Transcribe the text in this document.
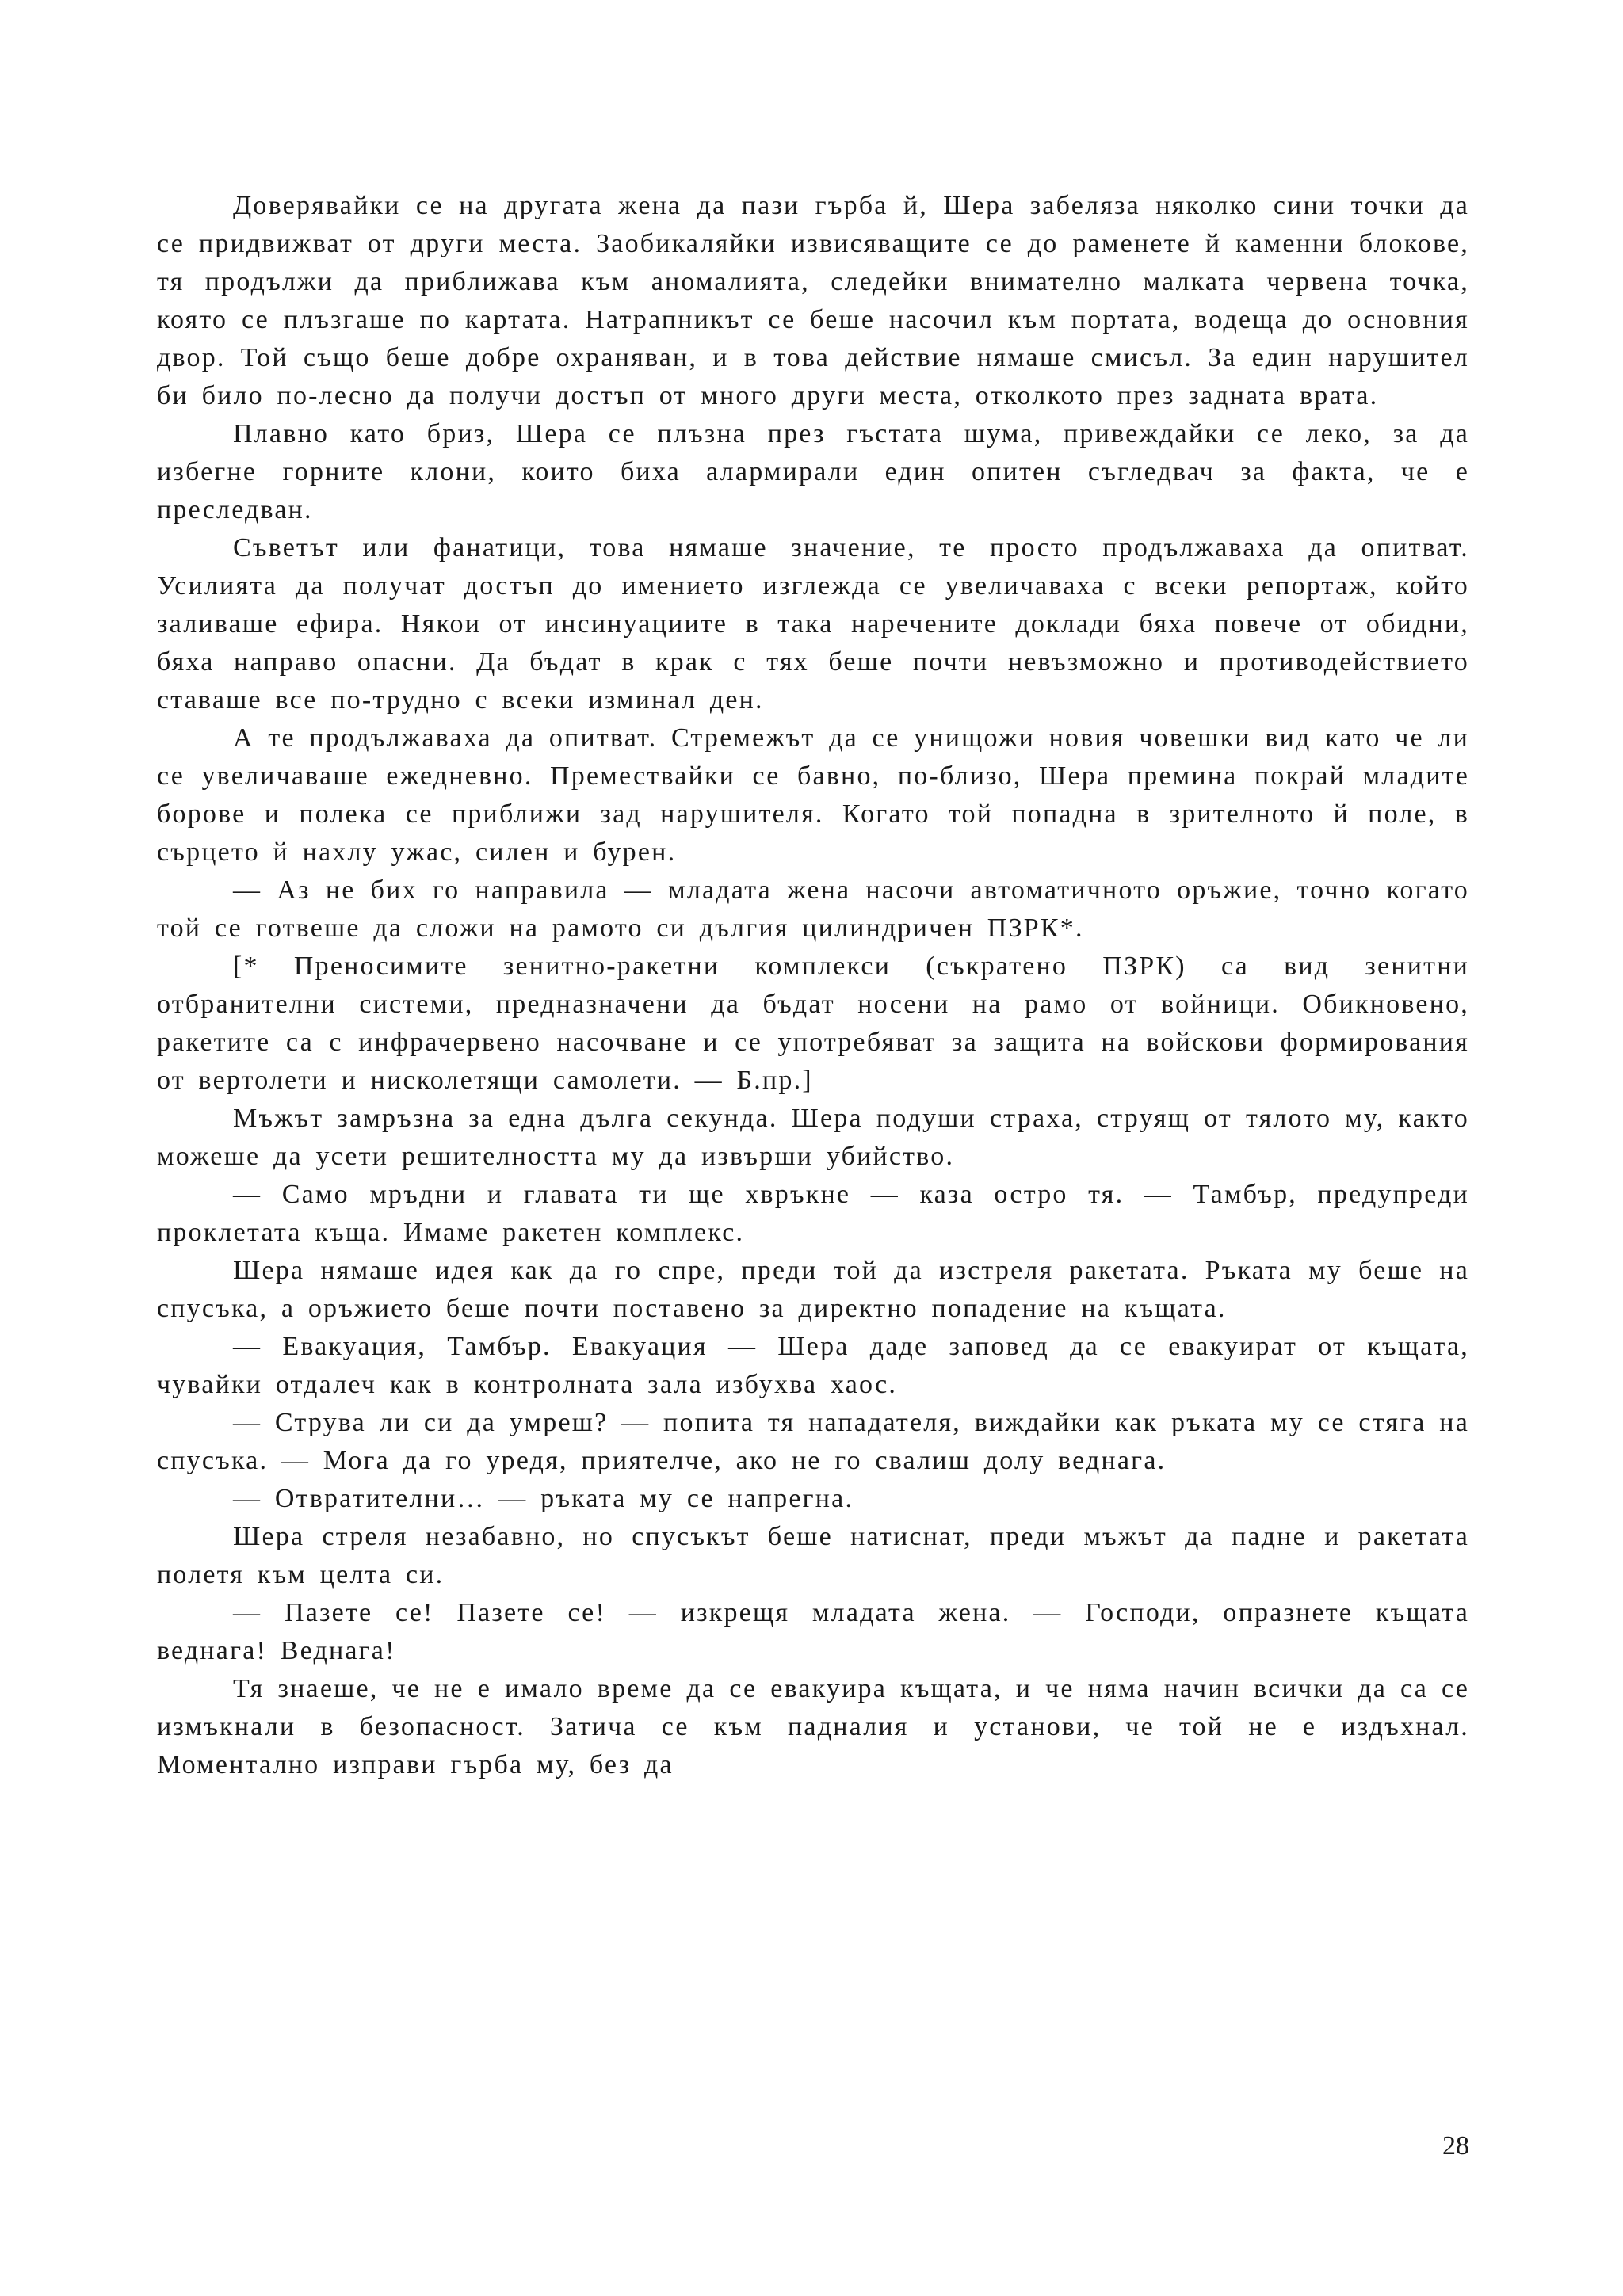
Доверявайки се на другата жена да пази гърба й, Шера забеляза няколко сини точки да се придвижват от други места. Заобикаляйки извисяващите се до раменете й каменни блокове, тя продължи да приближава към аномалията, следейки внимателно малката червена точка, която се плъзгаше по картата. Натрапникът се беше насочил към портата, водеща до основния двор. Той също беше добре охраняван, и в това действие нямаше смисъл. За един нарушител би било по-лесно да получи достъп от много други места, отколкото през задната врата.

Плавно като бриз, Шера се плъзна през гъстата шума, привеждайки се леко, за да избегне горните клони, които биха алармирали един опитен съгледвач за факта, че е преследван.

Съветът или фанатици, това нямаше значение, те просто продължаваха да опитват. Усилията да получат достъп до имението изглежда се увеличаваха с всеки репортаж, който заливаше ефира. Някои от инсинуациите в така наречените доклади бяха повече от обидни, бяха направо опасни. Да бъдат в крак с тях беше почти невъзможно и противодействието ставаше все по-трудно с всеки изминал ден.

А те продължаваха да опитват. Стремежът да се унищожи новия човешки вид като че ли се увеличаваше ежедневно. Премествайки се бавно, по-близо, Шера премина покрай младите борове и полека се приближи зад нарушителя. Когато той попадна в зрителното й поле, в сърцето й нахлу ужас, силен и бурен.

— Аз не бих го направила — младата жена насочи автоматичното оръжие, точно когато той се готвеше да сложи на рамото си дългия цилиндричен ПЗРК*.

[* Преносимите зенитно-ракетни комплекси (съкратено ПЗРК) са вид зенитни отбранителни системи, предназначени да бъдат носени на рамо от войници. Обикновено, ракетите са с инфрачервено насочване и се употребяват за защита на войскови формирования от вертолети и нисколетящи самолети. — Б.пр.]

Мъжът замръзна за една дълга секунда. Шера подуши страха, струящ от тялото му, както можеше да усети решителността му да извърши убийство.

— Само мръдни и главата ти ще хвръкне — каза остро тя. — Тамбър, предупреди проклетата къща. Имаме ракетен комплекс.

Шера нямаше идея как да го спре, преди той да изстреля ракетата. Ръката му беше на спусъка, а оръжието беше почти поставено за директно попадение на къщата.

— Евакуация, Тамбър. Евакуация — Шера даде заповед да се евакуират от къщата, чувайки отдалеч как в контролната зала избухва хаос.

— Струва ли си да умреш? — попита тя нападателя, виждайки как ръката му се стяга на спусъка. — Мога да го уредя, приятелче, ако не го свалиш долу веднага.

— Отвратителни… — ръката му се напрегна.

Шера стреля незабавно, но спусъкът беше натиснат, преди мъжът да падне и ракетата полетя към целта си.

— Пазете се! Пазете се! — изкрещя младата жена. — Господи, опразнете къщата веднага! Веднага!

Тя знаеше, че не е имало време да се евакуира къщата, и че няма начин всички да са се измъкнали в безопасност. Затича се към падналия и установи, че той не е издъхнал. Моментално изправи гърба му, без да

28
